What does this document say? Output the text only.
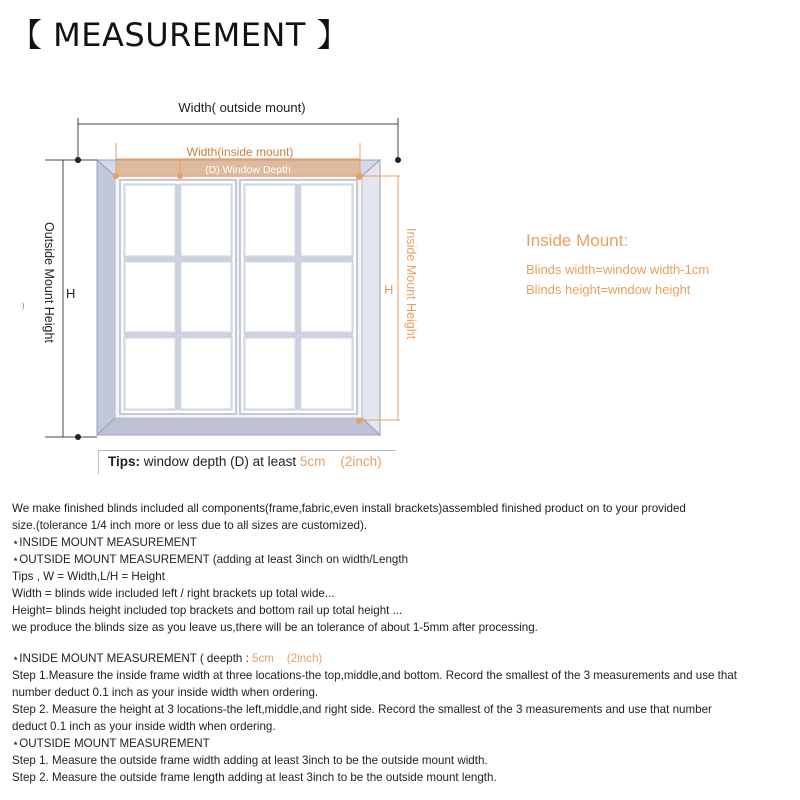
【 MEASUREMENT 】
Width( outside mount)
Width(inside mount)
(D) Window Depth
Outside Mount Height H
)	Inside Mount Height
H
Inside Mount:
Blinds width=window width-1cm
Blinds height=window height
Tips: window depth (D) at least 5cm (2inch)
We make finished blinds included all components(frame,fabric,even install brackets)assembled finished product on to your provided
size.(tolerance 1/4 inch more or less due to all sizes are customized).
⋆INSIDE MOUNT MEASUREMENT
⋆OUTSIDE MOUNT MEASUREMENT (adding at least 3inch on width/Length
Tips , W = Width,L/H = Height
Width = blinds wide included left / right brackets up total wide...
Height= blinds height included top brackets and bottom rail up total height ...
we produce the blinds size as you leave us,there will be an tolerance of about 1-5mm after processing.
⋆INSIDE MOUNT MEASUREMENT ( deepth : 5cm (2inch)
Step 1.Measure the inside frame width at three locations-the top,middle,and bottom. Record the smallest of the 3 measurements and use that
number deduct 0.1 inch as your inside width when ordering.
Step 2. Measure the height at 3 locations-the left,middle,and right side. Record the smallest of the 3 measurements and use that number
deduct 0.1 inch as your inside width when ordering.
⋆OUTSIDE MOUNT MEASUREMENT
Step 1. Measure the outside frame width adding at least 3inch to be the outside mount width.
Step 2. Measure the outside frame length adding at least 3inch to be the outside mount length.
